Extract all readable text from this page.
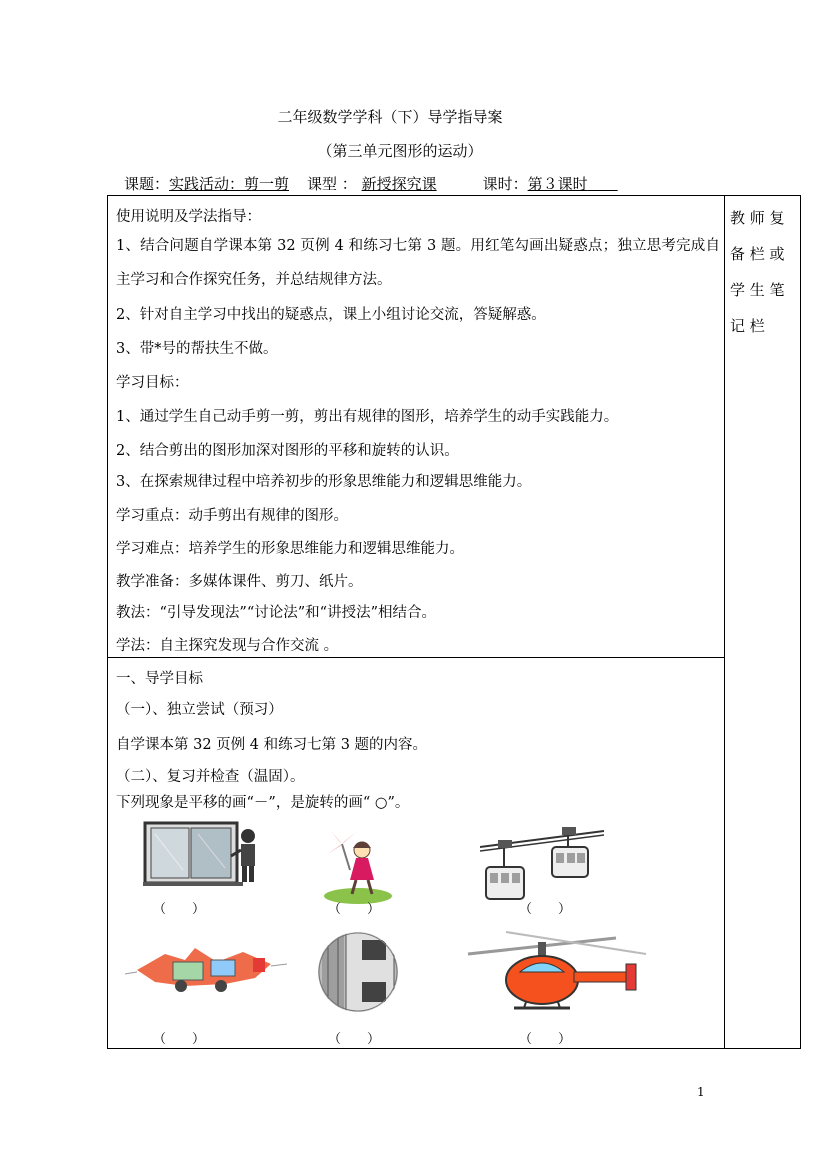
二年级数学学科（下）导学指导案
（第三单元图形的运动）
课题：实践活动：剪一剪 课型 ： 新授探究课	课时：第３课时　　
教 师 复 备 栏 或 学 生 笔 记 栏
使用说明及学法指导：
1、结合问题自学课本第 32 页例 4 和练习七第 3 题。用红笔勾画出疑惑点；独立思考完成自主学习和合作探究任务，并总结规律方法。
2、针对自主学习中找出的疑惑点，课上小组讨论交流，答疑解惑。
3、带*号的帮扶生不做。
学习目标：
1、通过学生自己动手剪一剪，剪出有规律的图形，培养学生的动手实践能力。
2、结合剪出的图形加深对图形的平移和旋转的认识。
3、在探索规律过程中培养初步的形象思维能力和逻辑思维能力。
学习重点：动手剪出有规律的图形。
学习难点：培养学生的形象思维能力和逻辑思维能力。
教学准备：多媒体课件、剪刀、纸片。
教法：“引导发现法”“讨论法”和“讲授法”相结合。
学法：自主探究发现与合作交流 。
一、导学目标
（一）、独立尝试（预习）
自学课本第 32 页例 4 和练习七第 3 题的内容。
（二）、复习并检查（温固）。
下列现象是平移的画“－”，是旋转的画“ ○”。
（　　）	（　　）	（　　）
（　　）	（　　）	（　　）
1
